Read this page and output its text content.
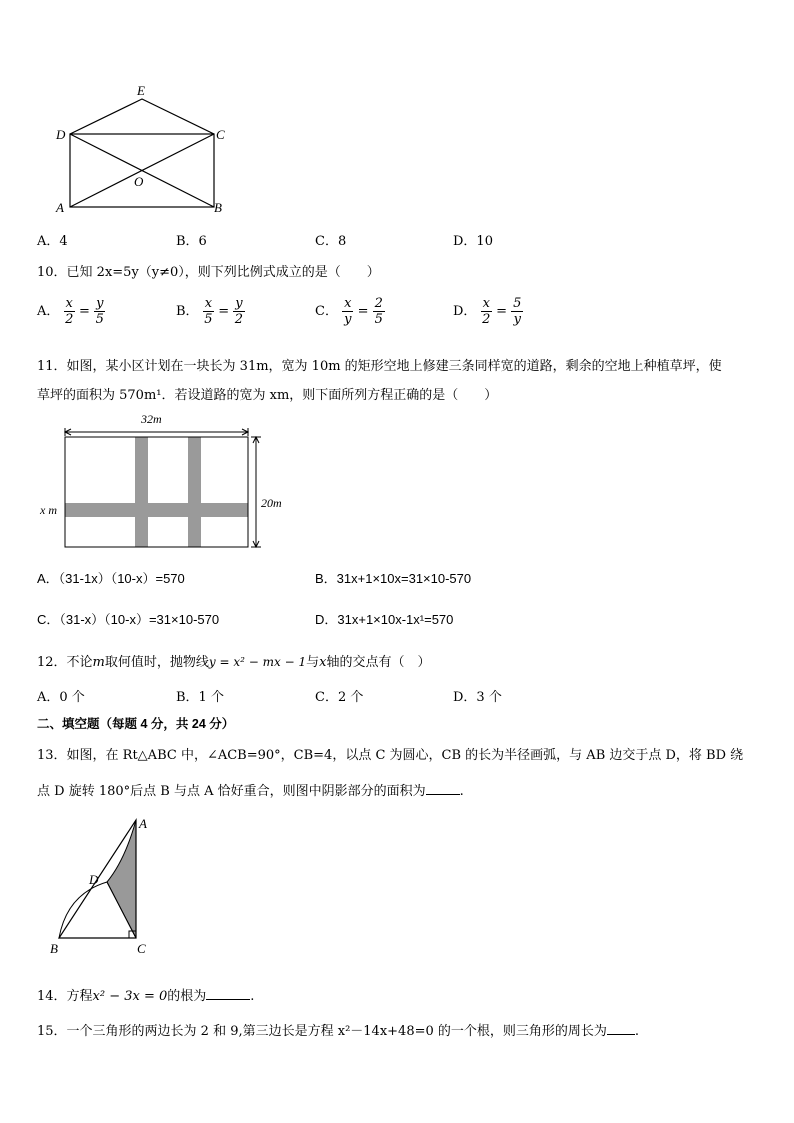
E
D	C
O
A	B
A．4	B．6	C．8	D．10
10．已知 2x=5y（y≠0），则下列比例式成立的是（　　）
A． $\frac{x}{2} = \frac{y}{5}$	B． $\frac{x}{5} = \frac{y}{2}$	C． $\frac{x}{y} = \frac{2}{5}$	D． $\frac{x}{2} = \frac{5}{y}$
11．如图，某小区计划在一块长为 31m，宽为 10m 的矩形空地上修建三条同样宽的道路，剩余的空地上种植草坪，使
草坪的面积为 570m¹．若设道路的宽为 xm，则下面所列方程正确的是（　　）
32m
20m
x m
A．（31-1x）（10-x）=570	B．31x+1×10x=31×10-570
C．（31-x）（10-x）=31×10-570	D．31x+1×10x-1x¹=570
12．不论m取何值时，抛物线y = x² − mx − 1与x轴的交点有（　）
A．0 个	B．1 个	C．2 个	D．3 个
二、填空题（每题 4 分，共 24 分）
13．如图，在 Rt△ABC 中，∠ACB=90°，CB=4，以点 C 为圆心，CB 的长为半径画弧，与 AB 边交于点 D，将 BD 绕
点 D 旋转 180°后点 B 与点 A 恰好重合，则图中阴影部分的面积为	.
A
D
B	C
14．方程x² − 3x = 0的根为	.
15．一个三角形的两边长为 2 和 9,第三边长是方程 x²－14x+48=0 的一个根，则三角形的周长为 .
